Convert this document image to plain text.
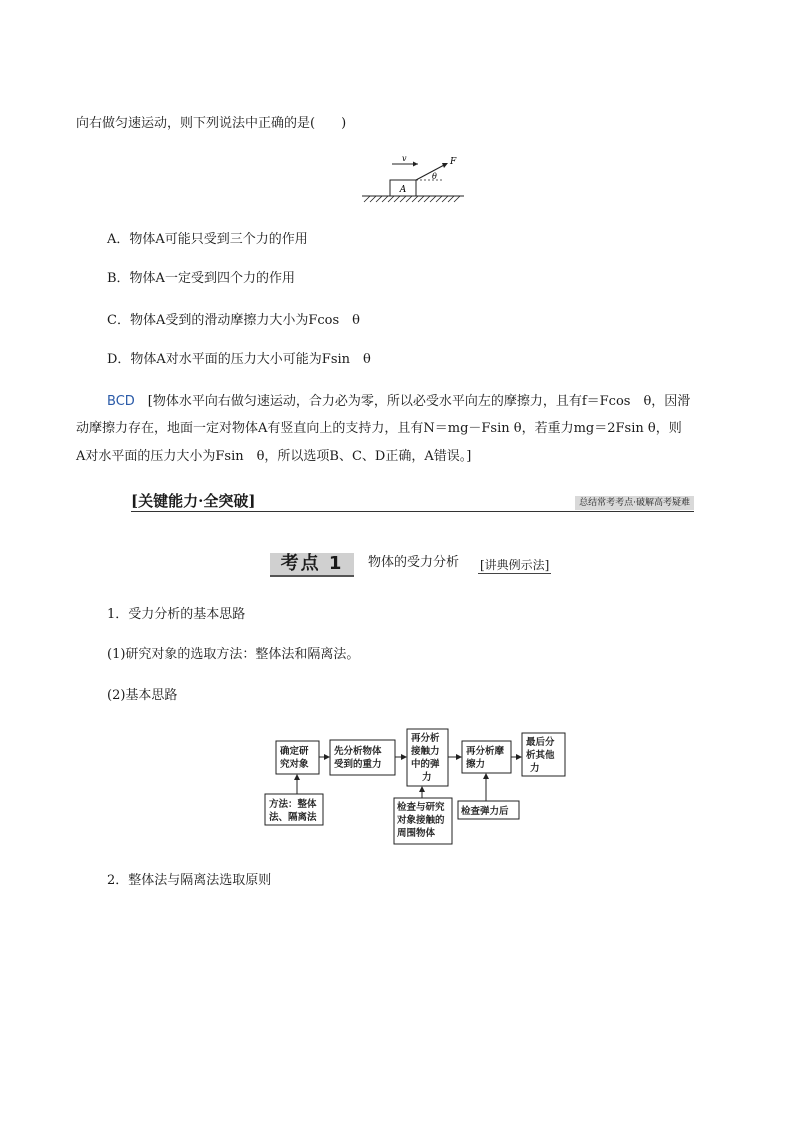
向右做匀速运动，则下列说法中正确的是(　　)
A
v	F
θ
A．物体A可能只受到三个力的作用
B．物体A一定受到四个力的作用
C．物体A受到的滑动摩擦力大小为Fcos　θ
D．物体A对水平面的压力大小可能为Fsin　θ
BCD　[物体水平向右做匀速运动，合力必为零，所以必受水平向左的摩擦力，且有f＝Fcos　θ，因滑
动摩擦力存在，地面一定对物体A有竖直向上的支持力，且有N＝mg－Fsin θ，若重力mg＝2Fsin θ，则
A对水平面的压力大小为Fsin　θ，所以选项B、C、D正确，A错误。]
[关键能力·全突破]	总结常考考点·破解高考疑难
考点 1	物体的受力分析 [讲典例示法]
1．受力分析的基本思路
(1)研究对象的选取方法：整体法和隔离法。
(2)基本思路
确定研
究对象
先分析物体
受到的重力
再分析
接触力
中的弹
力
再分析摩
擦力
最后分
析其他
力
方法：整体
法、隔离法
检查与研究
对象接触的
周围物体
检查弹力后
2．整体法与隔离法选取原则
